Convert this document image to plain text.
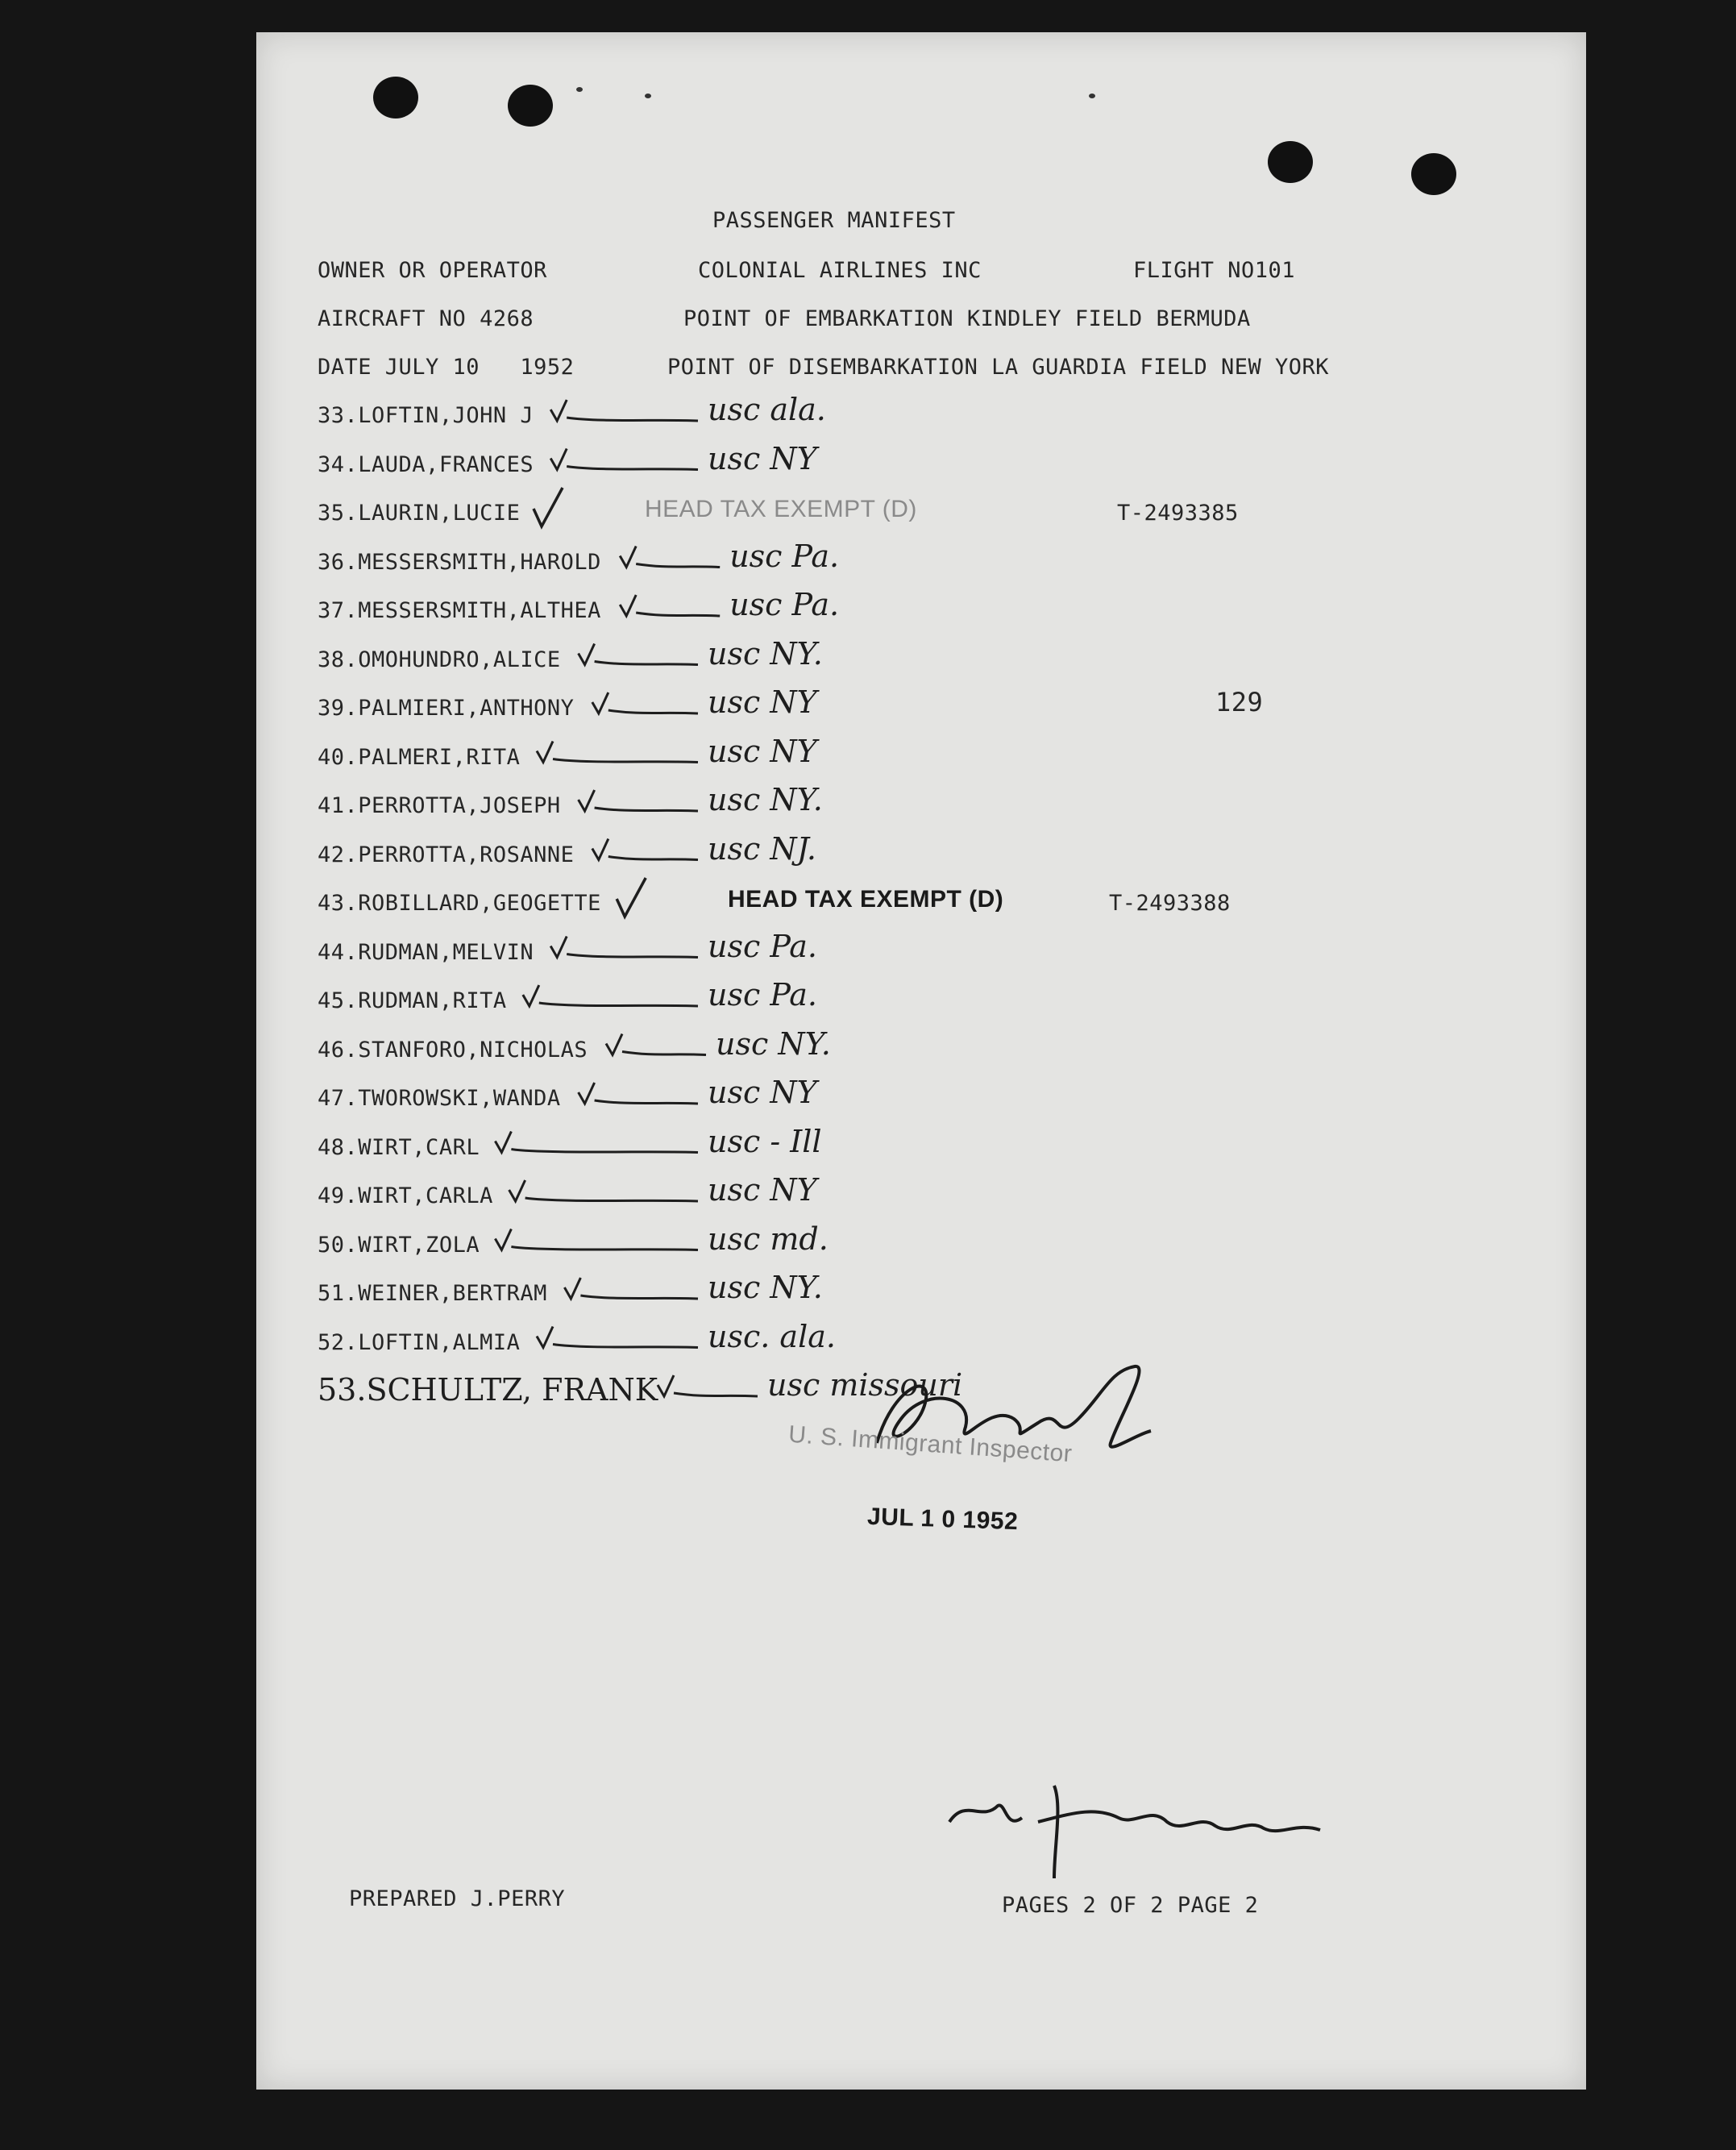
PASSENGER MANIFEST
OWNER OR OPERATOR	COLONIAL AIRLINES INC	FLIGHT NO101
AIRCRAFT NO 4268	POINT OF EMBARKATION KINDLEY FIELD BERMUDA
DATE JULY 10   1952	POINT OF DISEMBARKATION LA GUARDIA FIELD NEW YORK
33.LOFTIN,JOHN J	usc ala.
34.LAUDA,FRANCES	usc NY
35.LAURIN,LUCIE	HEAD TAX EXEMPT (D)	T-2493385
36.MESSERSMITH,HAROLD	usc Pa.
37.MESSERSMITH,ALTHEA	usc Pa.
38.OMOHUNDRO,ALICE	usc NY.
39.PALMIERI,ANTHONY	usc NY
40.PALMERI,RITA	usc NY
41.PERROTTA,JOSEPH	usc NY.
42.PERROTTA,ROSANNE	usc NJ.
43.ROBILLARD,GEOGETTE	HEAD TAX EXEMPT (D)	T-2493388
44.RUDMAN,MELVIN	usc Pa.
45.RUDMAN,RITA	usc Pa.
46.STANFORO,NICHOLAS	usc NY.
47.TWOROWSKI,WANDA	usc NY
48.WIRT,CARL	usc - Ill
49.WIRT,CARLA	usc NY
50.WIRT,ZOLA	usc md.
51.WEINER,BERTRAM	usc NY.
52.LOFTIN,ALMIA	usc. ala.
53.SCHULTZ, FRANK	usc missouri
129
U. S. Immigrant Inspector
JUL 1 0 1952
PREPARED J.PERRY	PAGES 2 OF 2 PAGE 2
